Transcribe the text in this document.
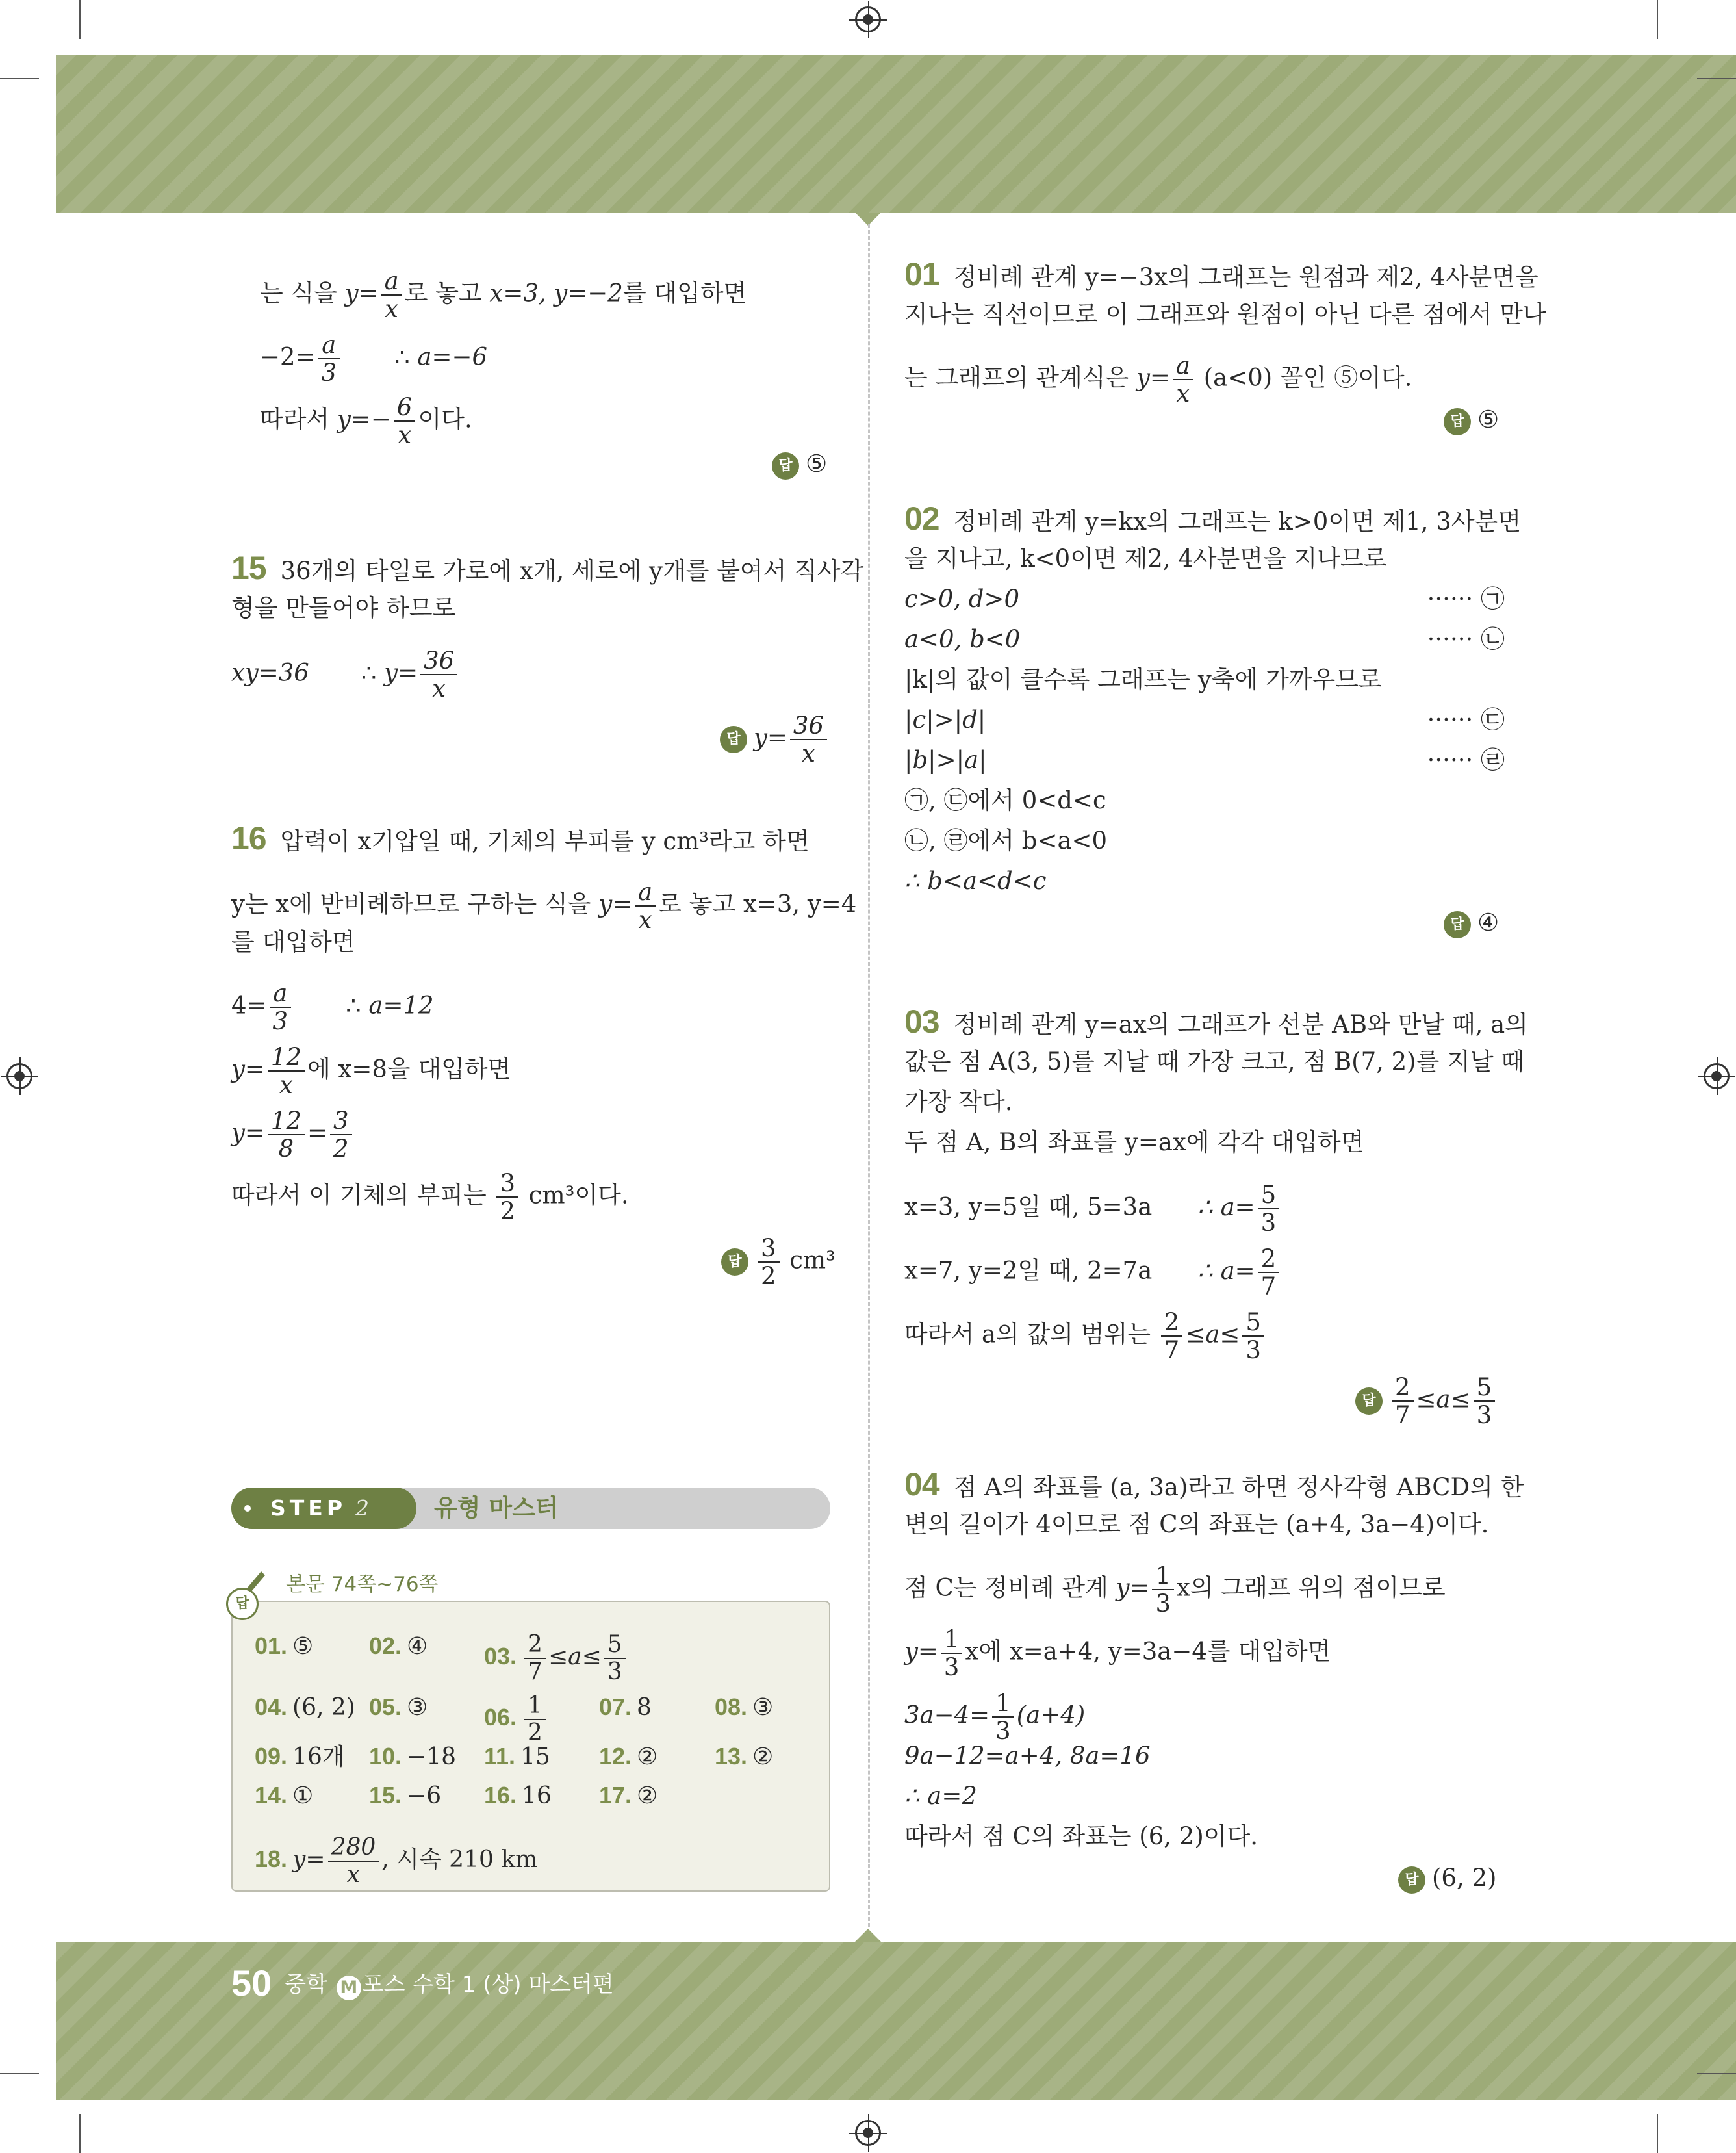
는 식을 $y= \frac{a}{x}$ 로 놓고 x=3, y=−2를 대입하면
$-2= \frac{a}{3}$ ∴ a=−6
따라서 $y=- \frac{6}{x}$ 이다.
답 ⑤
15 36개의 타일로 가로에 x개, 세로에 y개를 붙여서 직사각
형을 만들어야 하므로
xy=36 ∴ $y= \frac{36}{x}$
답 $y= \frac{36}{x}$
16 압력이 x기압일 때, 기체의 부피를 y cm³라고 하면
y는 x에 반비례하므로 구하는 식을 $y= \frac{a}{x}$ 로 놓고 x=3, y=4
를 대입하면
$4= \frac{a}{3}$ ∴ a=12
$y= \frac{12}{x}$ 에 x=8을 대입하면
$y= \frac{12}{8} = \frac{3}{2}$
따라서 이 기체의 부피는 $\frac{3}{2} cm^3$이다.
답 $\frac{3}{2} cm^3$
STEP 2	유형 마스터
본문 74쪽~76쪽
답
01. ⑤ 02. ④ 03. $\frac{2}{7} \le a\le \frac{5}{3}$
04. (6, 2) 05. ③ 06. $\frac{1}{2} 07$. 8	08. ③
09. 16개 10. −18 11. 15 12. ② 13. ②
14. ① 15. −6 16. 16 17. ②
18. $y= \frac{280}{x}$ , 시속 210 km
01 정비례 관계 y=−3x의 그래프는 원점과 제2, 4사분면을
지나는 직선이므로 이 그래프와 원점이 아닌 다른 점에서 만나
는 그래프의 관계식은 $y= \frac{a}{x} (a<0)$ 꼴인 ⑤이다.
답 ⑤
02 정비례 관계 y=kx의 그래프는 k>0이면 제1, 3사분면
을 지나고, k<0이면 제2, 4사분면을 지나므로
c>0, d>0	······ ㉠
a<0, b<0	······ ㉡
|k|의 값이 클수록 그래프는 y축에 가까우므로
|c|>|d|	······ ㉢
|b|>|a|	······ ㉣
㉠, ㉢에서 0<d<c
㉡, ㉣에서 b<a<0
∴ b<a<d<c
답 ④
03 정비례 관계 y=ax의 그래프가 선분 AB와 만날 때, a의
값은 점 A(3, 5)를 지날 때 가장 크고, 점 B(7, 2)를 지날 때
가장 작다.
두 점 A, B의 좌표를 y=ax에 각각 대입하면
x=3, y=5일 때, 5=3a ∴ $a= \frac{5}{3}$
x=7, y=2일 때, 2=7a ∴ $a= \frac{2}{7}$
따라서 a의 값의 범위는 $\frac{2}{7} \le a\le \frac{5}{3}$
답 $\frac{2}{7} \le a\le \frac{5}{3}$
04 점 A의 좌표를 (a, 3a)라고 하면 정사각형 ABCD의 한
변의 길이가 4이므로 점 C의 좌표는 (a+4, 3a−4)이다.
점 C는 정비례 관계 $y= \frac{1}{3}$ x의 그래프 위의 점이므로
$y= \frac{1}{3}$ x에 x=a+4, y=3a−4를 대입하면
$3a-4= \frac{1}{3} (a+4)$
9a−12=a+4, 8a=16
∴ a=2
따라서 점 C의 좌표는 (6, 2)이다.
답 (6, 2)
50 중학 M 포스 수학 1 (상) 마스터편
